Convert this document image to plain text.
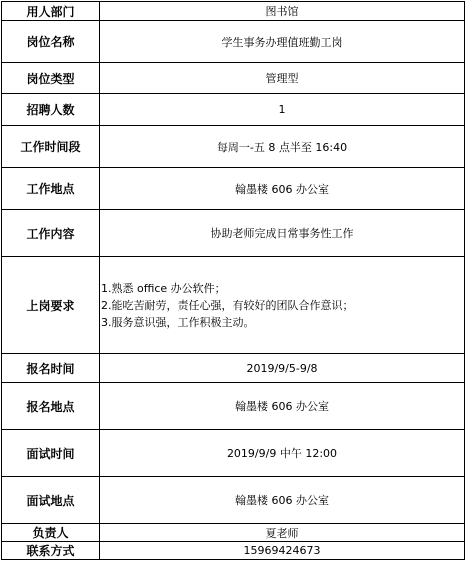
用人部门	图书馆
岗位名称	学生事务办理值班勤工岗
岗位类型	管理型
招聘人数	1
工作时间段	每周一-五 8 点半至 16:40
工作地点	翰墨楼 606 办公室
工作内容	协助老师完成日常事务性工作
上岗要求	1.熟悉 office 办公软件；
2.能吃苦耐劳，责任心强，有较好的团队合作意识；
3.服务意识强，工作积极主动。

报名时间	2019/9/5-9/8
报名地点	翰墨楼 606 办公室
面试时间	2019/9/9 中午 12:00
面试地点	翰墨楼 606 办公室
负责人	夏老师
联系方式	15969424673
